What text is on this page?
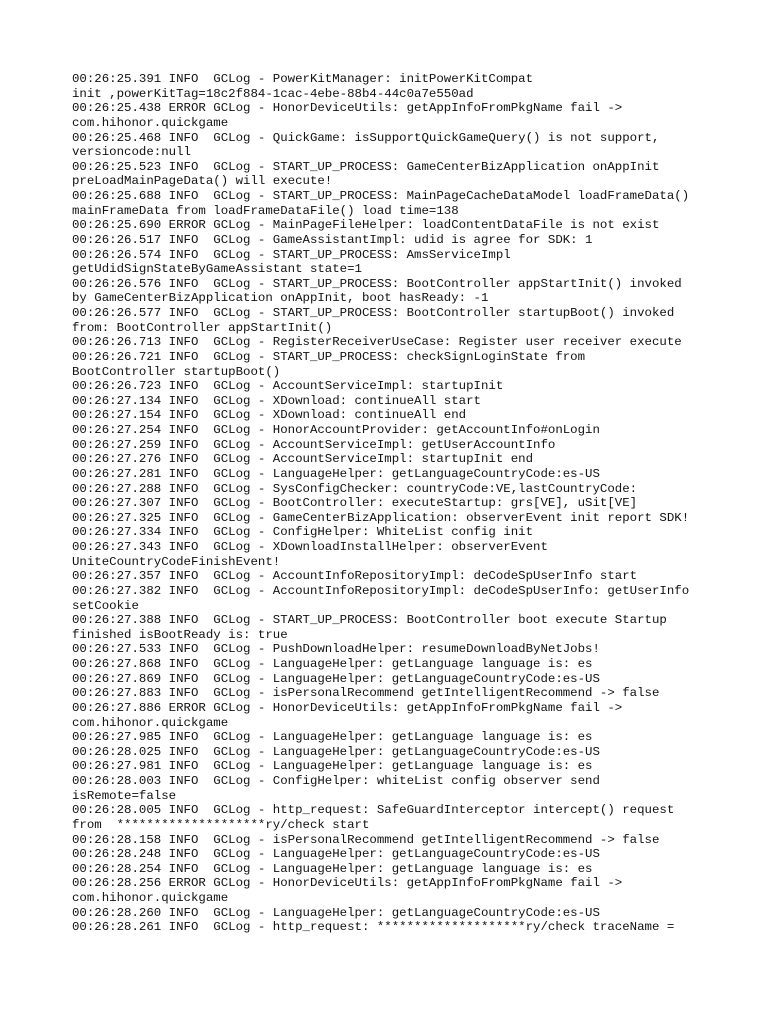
00:26:25.391 INFO  GCLog - PowerKitManager: initPowerKitCompat
init ,powerKitTag=18c2f884-1cac-4ebe-88b4-44c0a7e550ad
00:26:25.438 ERROR GCLog - HonorDeviceUtils: getAppInfoFromPkgName fail ->
com.hihonor.quickgame
00:26:25.468 INFO  GCLog - QuickGame: isSupportQuickGameQuery() is not support,
versioncode:null
00:26:25.523 INFO  GCLog - START_UP_PROCESS: GameCenterBizApplication onAppInit
preLoadMainPageData() will execute!
00:26:25.688 INFO  GCLog - START_UP_PROCESS: MainPageCacheDataModel loadFrameData()
mainFrameData from loadFrameDataFile() load time=138
00:26:25.690 ERROR GCLog - MainPageFileHelper: loadContentDataFile is not exist
00:26:26.517 INFO  GCLog - GameAssistantImpl: udid is agree for SDK: 1
00:26:26.574 INFO  GCLog - START_UP_PROCESS: AmsServiceImpl
getUdidSignStateByGameAssistant state=1
00:26:26.576 INFO  GCLog - START_UP_PROCESS: BootController appStartInit() invoked
by GameCenterBizApplication onAppInit, boot hasReady: -1
00:26:26.577 INFO  GCLog - START_UP_PROCESS: BootController startupBoot() invoked
from: BootController appStartInit()
00:26:26.713 INFO  GCLog - RegisterReceiverUseCase: Register user receiver execute
00:26:26.721 INFO  GCLog - START_UP_PROCESS: checkSignLoginState from
BootController startupBoot()
00:26:26.723 INFO  GCLog - AccountServiceImpl: startupInit
00:26:27.134 INFO  GCLog - XDownload: continueAll start
00:26:27.154 INFO  GCLog - XDownload: continueAll end
00:26:27.254 INFO  GCLog - HonorAccountProvider: getAccountInfo#onLogin
00:26:27.259 INFO  GCLog - AccountServiceImpl: getUserAccountInfo
00:26:27.276 INFO  GCLog - AccountServiceImpl: startupInit end
00:26:27.281 INFO  GCLog - LanguageHelper: getLanguageCountryCode:es-US
00:26:27.288 INFO  GCLog - SysConfigChecker: countryCode:VE,lastCountryCode:
00:26:27.307 INFO  GCLog - BootController: executeStartup: grs[VE], uSit[VE]
00:26:27.325 INFO  GCLog - GameCenterBizApplication: observerEvent init report SDK!
00:26:27.334 INFO  GCLog - ConfigHelper: WhiteList config init
00:26:27.343 INFO  GCLog - XDownloadInstallHelper: observerEvent
UniteCountryCodeFinishEvent!
00:26:27.357 INFO  GCLog - AccountInfoRepositoryImpl: deCodeSpUserInfo start
00:26:27.382 INFO  GCLog - AccountInfoRepositoryImpl: deCodeSpUserInfo: getUserInfo
setCookie
00:26:27.388 INFO  GCLog - START_UP_PROCESS: BootController boot execute Startup
finished isBootReady is: true
00:26:27.533 INFO  GCLog - PushDownloadHelper: resumeDownloadByNetJobs!
00:26:27.868 INFO  GCLog - LanguageHelper: getLanguage language is: es
00:26:27.869 INFO  GCLog - LanguageHelper: getLanguageCountryCode:es-US
00:26:27.883 INFO  GCLog - isPersonalRecommend getIntelligentRecommend -> false
00:26:27.886 ERROR GCLog - HonorDeviceUtils: getAppInfoFromPkgName fail ->
com.hihonor.quickgame
00:26:27.985 INFO  GCLog - LanguageHelper: getLanguage language is: es
00:26:28.025 INFO  GCLog - LanguageHelper: getLanguageCountryCode:es-US
00:26:27.981 INFO  GCLog - LanguageHelper: getLanguage language is: es
00:26:28.003 INFO  GCLog - ConfigHelper: whiteList config observer send
isRemote=false
00:26:28.005 INFO  GCLog - http_request: SafeGuardInterceptor intercept() request
from  ********************ry/check start
00:26:28.158 INFO  GCLog - isPersonalRecommend getIntelligentRecommend -> false
00:26:28.248 INFO  GCLog - LanguageHelper: getLanguageCountryCode:es-US
00:26:28.254 INFO  GCLog - LanguageHelper: getLanguage language is: es
00:26:28.256 ERROR GCLog - HonorDeviceUtils: getAppInfoFromPkgName fail ->
com.hihonor.quickgame
00:26:28.260 INFO  GCLog - LanguageHelper: getLanguageCountryCode:es-US
00:26:28.261 INFO  GCLog - http_request: ********************ry/check traceName =
